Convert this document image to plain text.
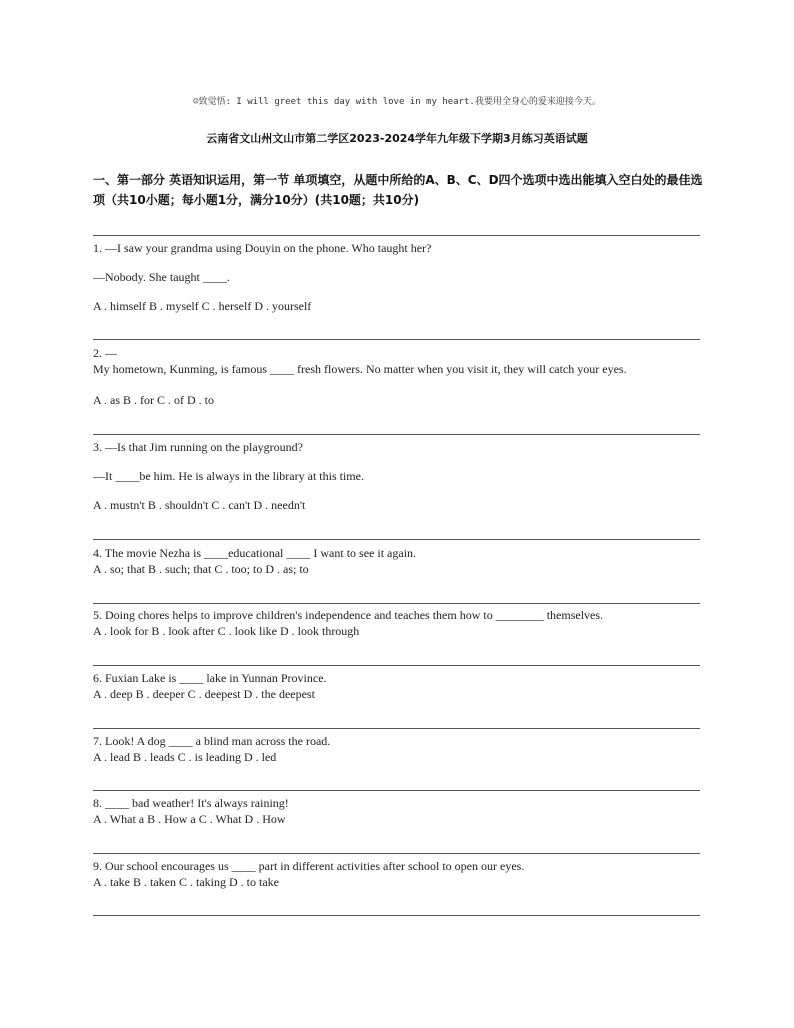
☺致觉悟: I will greet this day with love in my heart.我要用全身心的爱来迎接今天。
云南省文山州文山市第二学区2023-2024学年九年级下学期3月练习英语试题
一、第一部分 英语知识运用，第一节 单项填空，从题中所给的A、B、C、D四个选项中选出能填入空白处的最佳选项（共10小题；每小题1分，满分10分）(共10题；共10分)
1. —I saw your grandma using Douyin on the phone. Who taught her?
—Nobody. She taught ____.
A . himself B . myself C . herself D . yourself
2. —
My hometown, Kunming, is famous ____ fresh flowers. No matter when you visit it, they will catch your eyes.
A . as B . for C . of D . to
3. —Is that Jim running on the playground?
—It ____be him. He is always in the library at this time.
A . mustn't B . shouldn't C . can't D . needn't
4. The movie Nezha is ____educational ____ I want to see it again.
A . so; that B . such; that C . too; to D . as; to
5. Doing chores helps to improve children's independence and teaches them how to ________ themselves.
A . look for B . look after C . look like D . look through
6. Fuxian Lake is ____ lake in Yunnan Province.
A . deep B . deeper C . deepest D . the deepest
7. Look! A dog ____ a blind man across the road.
A . lead B . leads C . is leading D . led
8. ____ bad weather! It's always raining!
A . What a B . How a C . What D . How
9. Our school encourages us ____ part in different activities after school to open our eyes.
A . take B . taken C . taking D . to take
